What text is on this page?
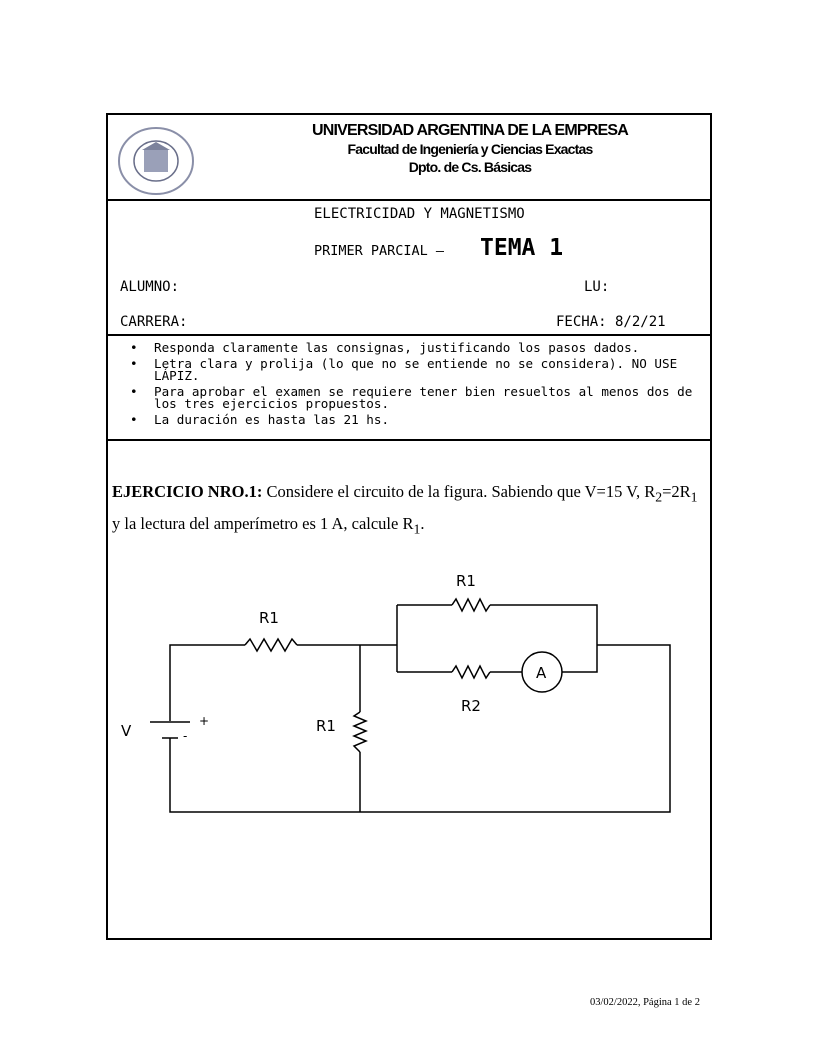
UNIVERSIDAD ARGENTINA DE LA EMPRESA
Facultad de Ingeniería y Ciencias Exactas
Dpto. de Cs. Básicas
ELECTRICIDAD Y MAGNETISMO
PRIMER PARCIAL – TEMA 1
ALUMNO:	LU:
CARRERA:	FECHA: 8/2/21
• Responda claramente las consignas, justificando los pasos dados.
• Letra clara y prolija (lo que no se entiende no se considera). NO USE LÁPIZ.
• Para aprobar el examen se requiere tener bien resueltos al menos dos de los tres ejercicios propuestos.
• La duración es hasta las 21 hs.
EJERCICIO NRO.1: Considere el circuito de la figura. Sabiendo que V=15 V, $R_2=2R_1$ y la lectura del amperímetro es 1 A, calcule $R_1$.
R1
R1
R1
R2
A
V
+
-
03/02/2022, Página 1 de 2
